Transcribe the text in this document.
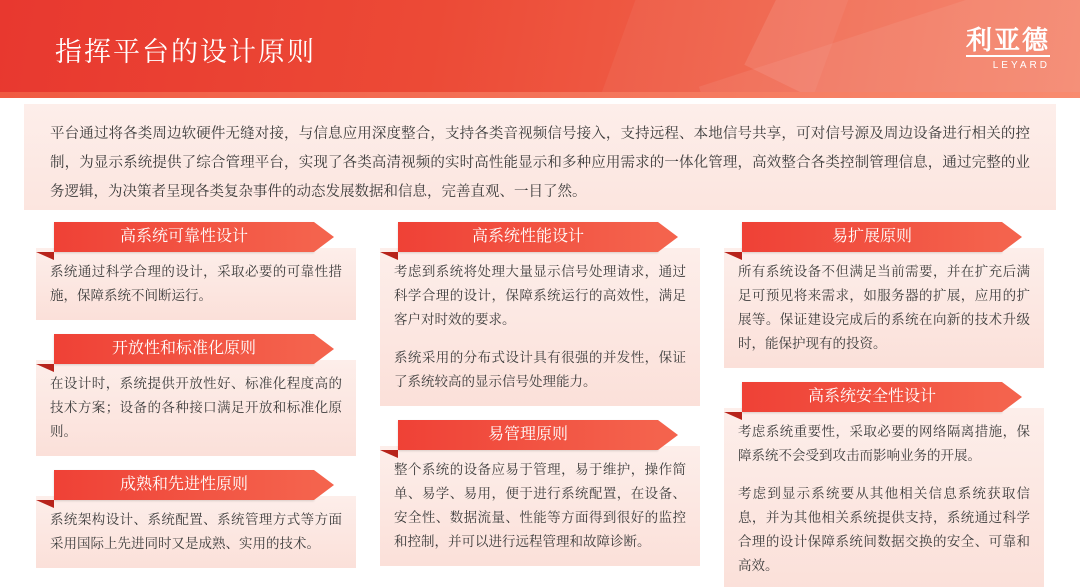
指挥平台的设计原则	利亚德
LEYARD

平台通过将各类周边软硬件无缝对接，与信息应用深度整合，支持各类音视频信号接入，支持远程、本地信号共享，可对信号源及周边设备进行相关的控制，为显示系统提供了综合管理平台，实现了各类高清视频的实时高性能显示和多种应用需求的一体化管理，高效整合各类控制管理信息，通过完整的业务逻辑，为决策者呈现各类复杂事件的动态发展数据和信息，完善直观、一目了然。

高系统可靠性设计

系统通过科学合理的设计，采取必要的可靠性措施，保障系统不间断运行。

开放性和标准化原则

在设计时，系统提供开放性好、标准化程度高的技术方案；设备的各种接口满足开放和标准化原则。

成熟和先进性原则

系统架构设计、系统配置、系统管理方式等方面采用国际上先进同时又是成熟、实用的技术。

高系统性能设计

考虑到系统将处理大量显示信号处理请求，通过科学合理的设计，保障系统运行的高效性，满足客户对时效的要求。

系统采用的分布式设计具有很强的并发性，保证了系统较高的显示信号处理能力。

易管理原则

整个系统的设备应易于管理，易于维护，操作简单、易学、易用，便于进行系统配置，在设备、安全性、数据流量、性能等方面得到很好的监控和控制，并可以进行远程管理和故障诊断。

易扩展原则

所有系统设备不但满足当前需要，并在扩充后满足可预见将来需求，如服务器的扩展，应用的扩展等。保证建设完成后的系统在向新的技术升级时，能保护现有的投资。

高系统安全性设计

考虑系统重要性，采取必要的网络隔离措施，保障系统不会受到攻击而影响业务的开展。

考虑到显示系统要从其他相关信息系统获取信息，并为其他相关系统提供支持，系统通过科学合理的设计保障系统间数据交换的安全、可靠和高效。
